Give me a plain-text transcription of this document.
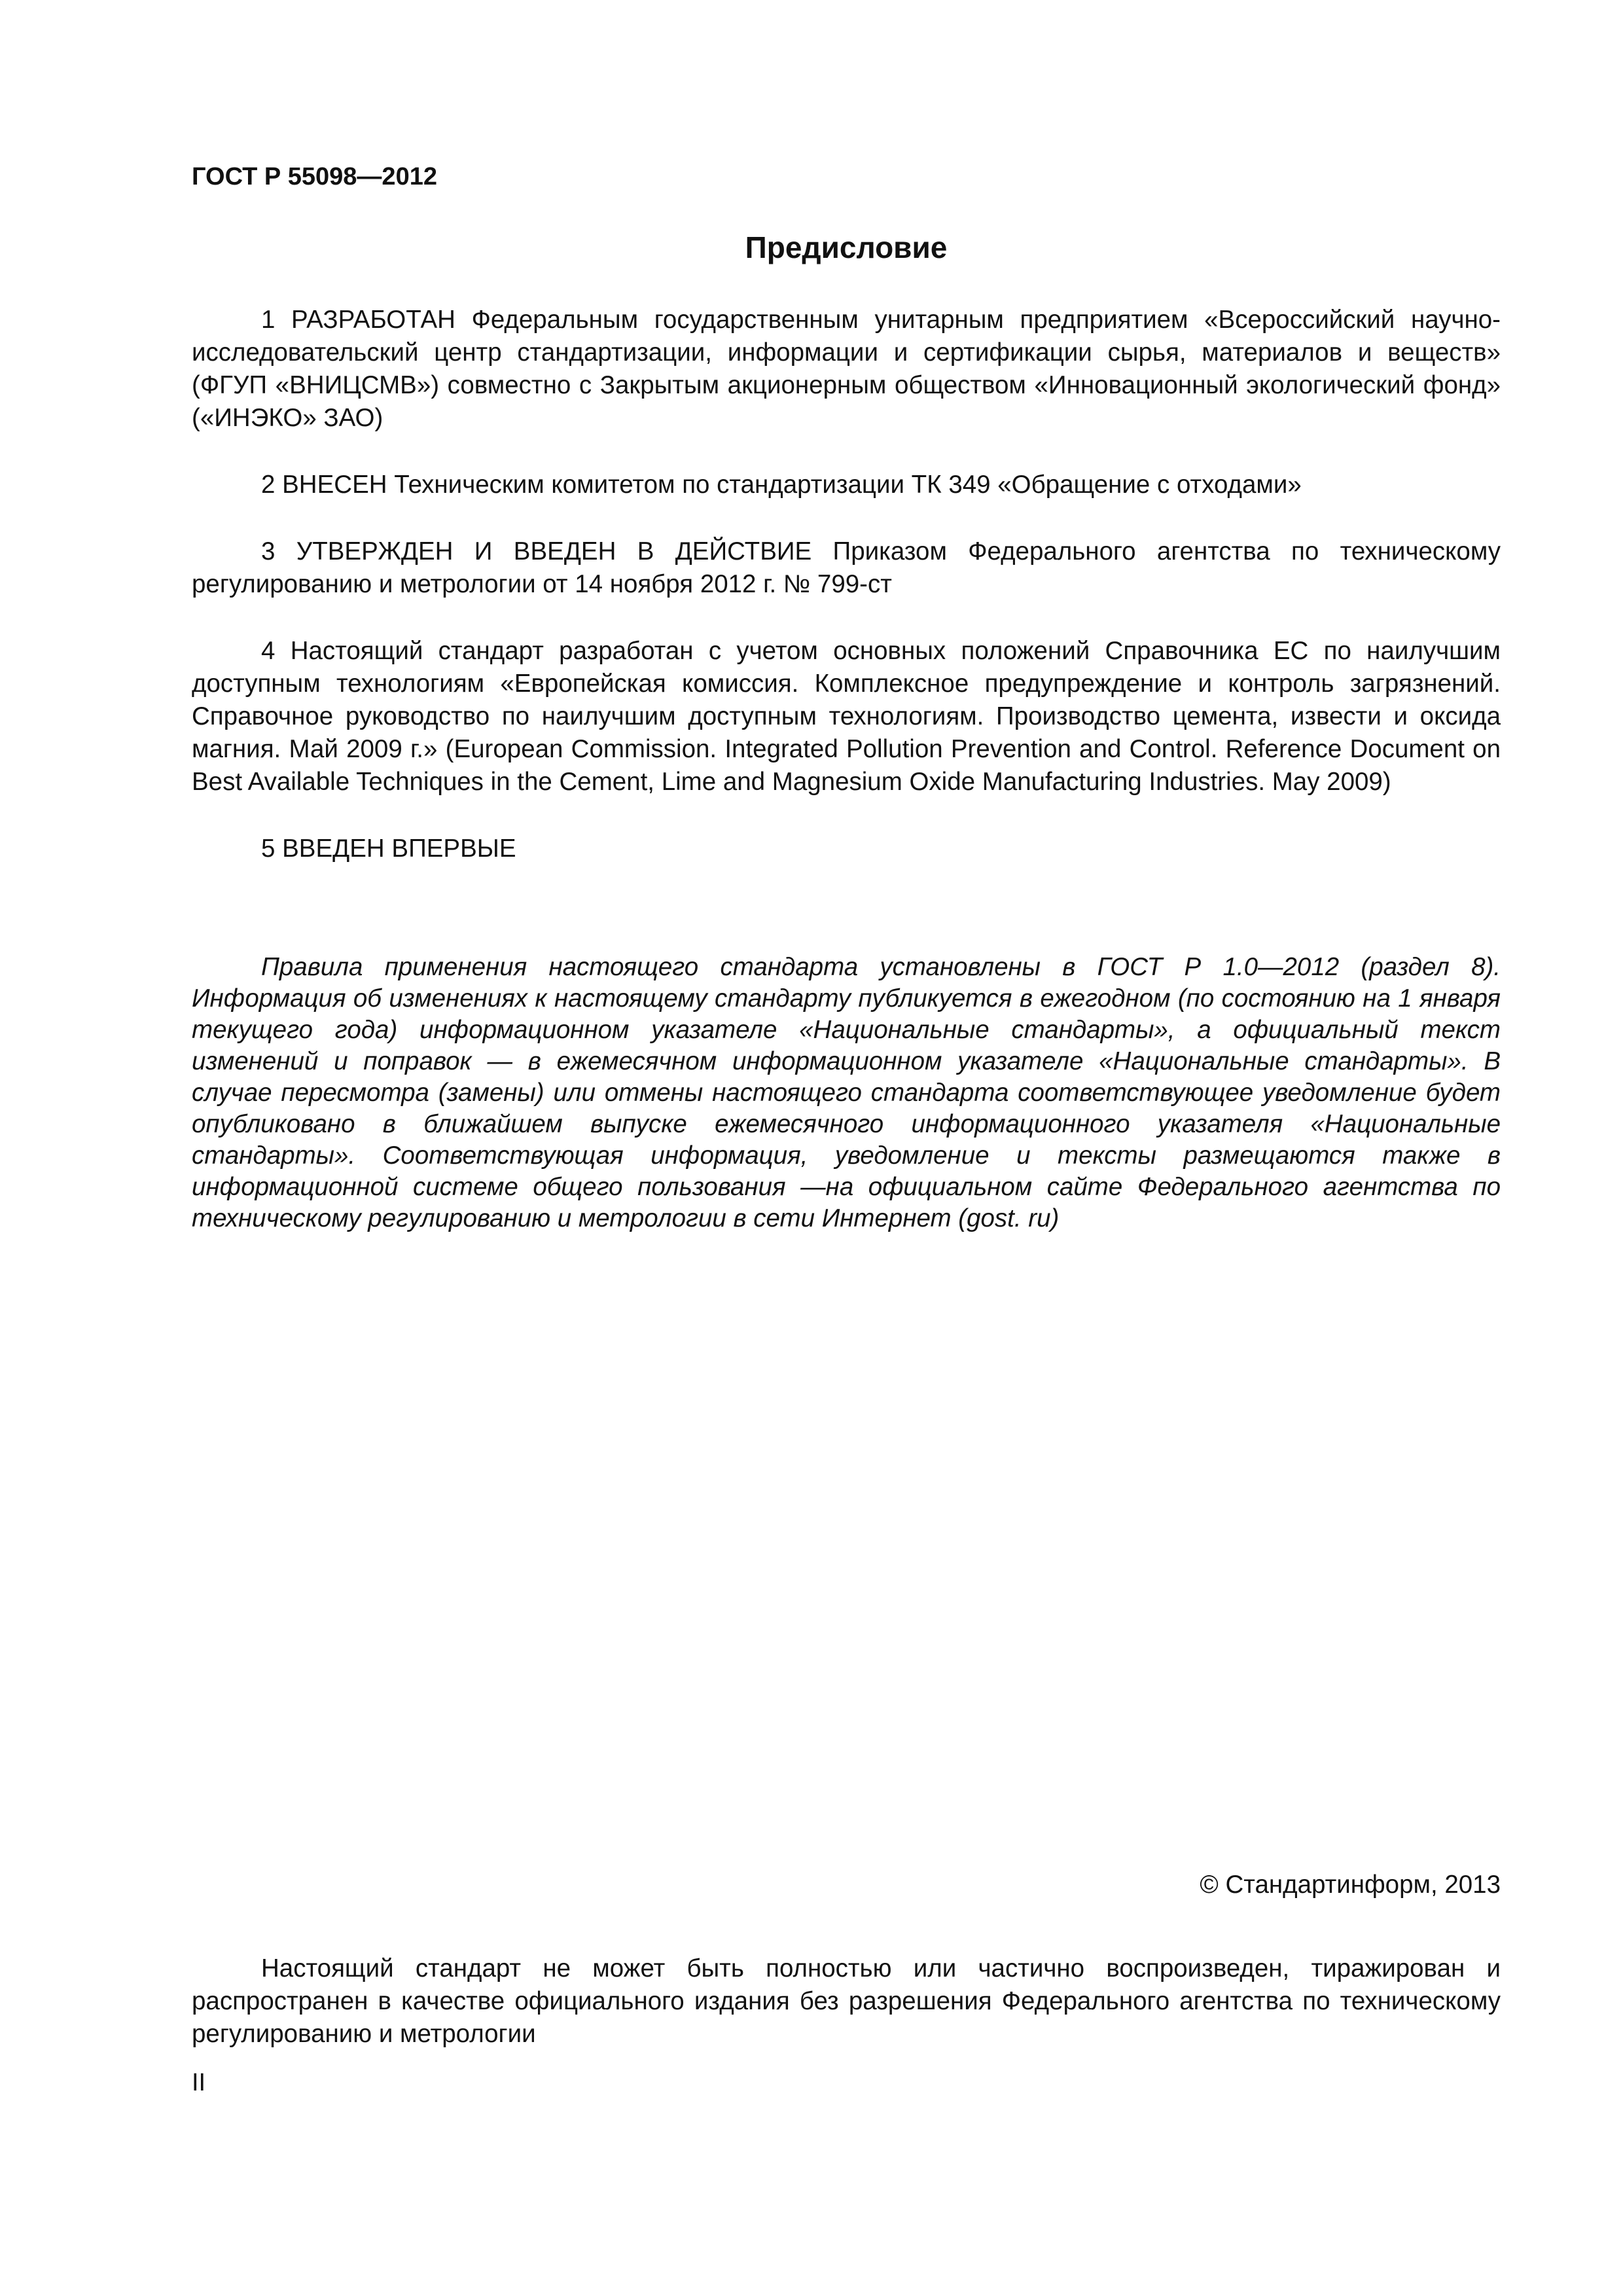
ГОСТ Р 55098—2012
Предисловие

1 РАЗРАБОТАН Федеральным государственным унитарным предприятием «Всероссийский научно-исследовательский центр стандартизации, информации и сертификации сырья, материалов и веществ» (ФГУП «ВНИЦСМВ») совместно с Закрытым акционерным обществом «Инновационный экологический фонд» («ИНЭКО» ЗАО)

2 ВНЕСЕН Техническим комитетом по стандартизации ТК 349 «Обращение с отходами»

3 УТВЕРЖДЕН И ВВЕДЕН В ДЕЙСТВИЕ Приказом Федерального агентства по техническому регулированию и метрологии от 14 ноября 2012 г. № 799-ст

4 Настоящий стандарт разработан с учетом основных положений Справочника ЕС по наилучшим доступным технологиям «Европейская комиссия. Комплексное предупреждение и контроль загрязнений. Справочное руководство по наилучшим доступным технологиям. Производство цемента, извести и оксида магния. Май 2009 г.» (European Commission. Integrated Pollution Prevention and Control. Reference Document on Best Available Techniques in the Cement, Lime and Magnesium Oxide Manufacturing Industries. May 2009)

5 ВВЕДЕН ВПЕРВЫЕ

Правила применения настоящего стандарта установлены в ГОСТ Р 1.0—2012 (раздел 8). Информация об изменениях к настоящему стандарту публикуется в ежегодном (по состоянию на 1 января текущего года) информационном указателе «Национальные стандарты», а официальный текст изменений и поправок — в ежемесячном информационном указателе «Национальные стандарты». В случае пересмотра (замены) или отмены настоящего стандарта соответствующее уведомление будет опубликовано в ближайшем выпуске ежемесячного информационного указателя «Национальные стандарты». Соответствующая информация, уведомление и тексты размещаются также в информационной системе общего пользования —на официальном сайте Федерального агентства по техническому регулированию и метрологии в сети Интернет (gost. ru)

© Стандартинформ, 2013

Настоящий стандарт не может быть полностью или частично воспроизведен, тиражирован и распространен в качестве официального издания без разрешения Федерального агентства по техническому регулированию и метрологии

II
